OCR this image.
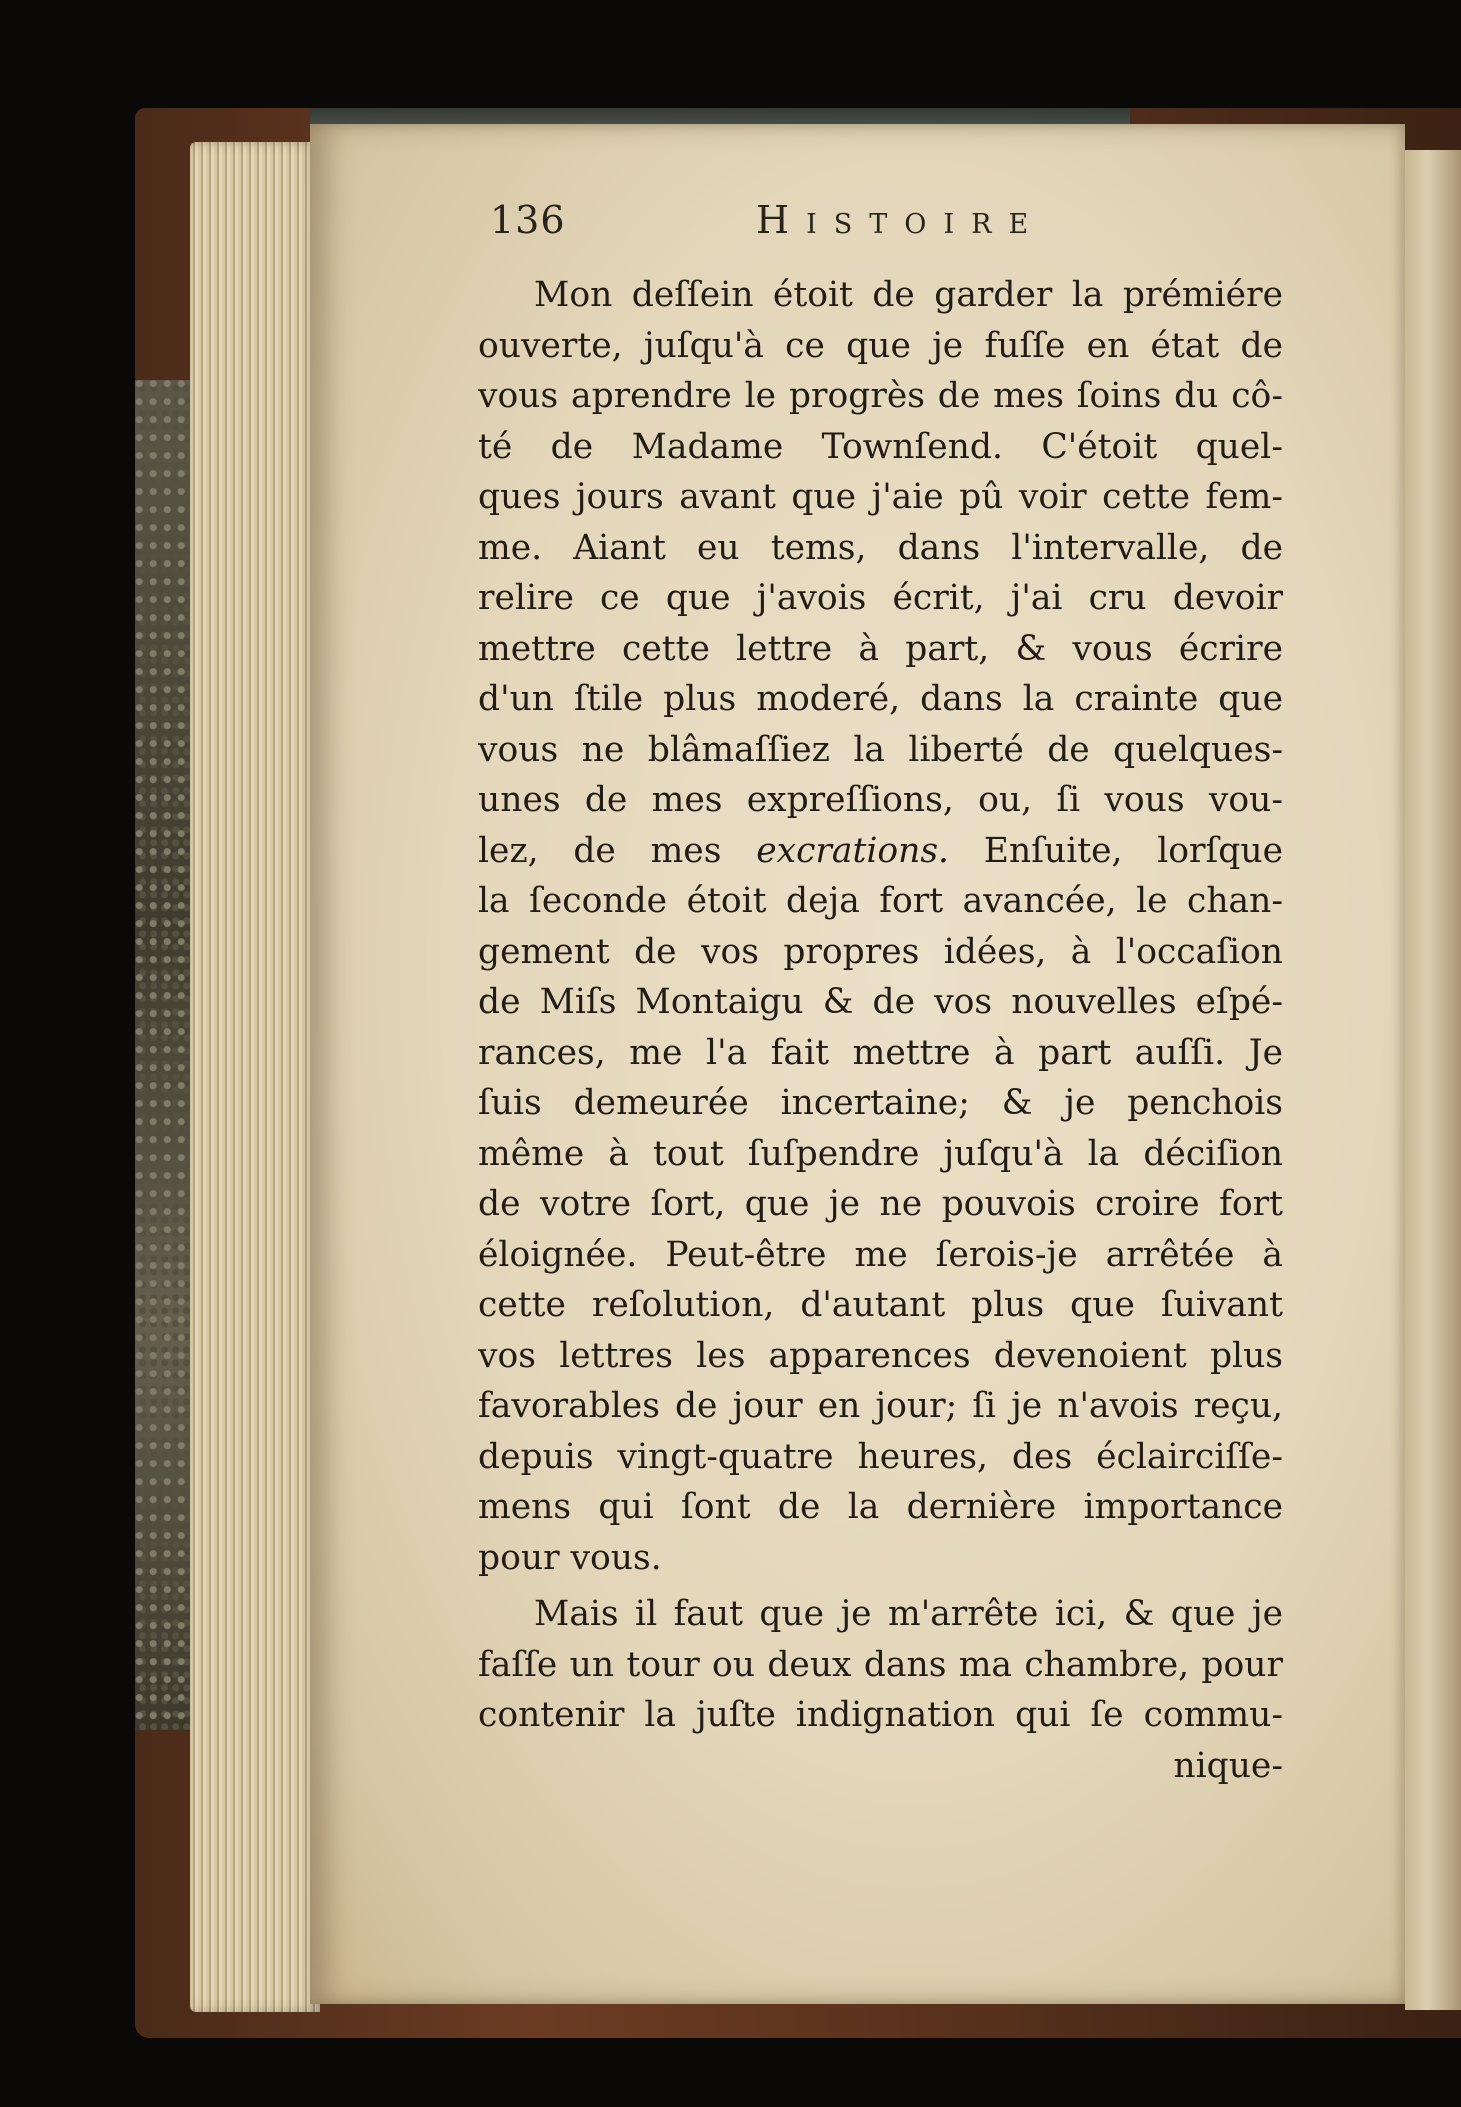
136	Histoire
Mon deſſein étoit de garder la prémiére
ouverte, juſqu'à ce que je fuſſe en état de
vous aprendre le progrès de mes ſoins du cô-
té de Madame Townſend. C'étoit quel-
ques jours avant que j'aie pû voir cette fem-
me. Aiant eu tems, dans l'intervalle, de
relire ce que j'avois écrit, j'ai cru devoir
mettre cette lettre à part, & vous écrire
d'un ſtile plus moderé, dans la crainte que
vous ne blâmaſſiez la liberté de quelques-
unes de mes expreſſions, ou, ſi vous vou-
lez, de mes excrations. Enſuite, lorſque
la ſeconde étoit deja fort avancée, le chan-
gement de vos propres idées, à l'occaſion
de Miſs Montaigu & de vos nouvelles eſpé-
rances, me l'a fait mettre à part auſſi. Je
ſuis demeurée incertaine; & je penchois
même à tout ſuſpendre juſqu'à la déciſion
de votre ſort, que je ne pouvois croire fort
éloignée. Peut-être me ſerois-je arrêtée à
cette reſolution, d'autant plus que ſuivant
vos lettres les apparences devenoient plus
favorables de jour en jour; ſi je n'avois reçu,
depuis vingt-quatre heures, des éclairciſſe-
mens qui ſont de la dernière importance
pour vous.
Mais il faut que je m'arrête ici, & que je
faſſe un tour ou deux dans ma chambre, pour
contenir la juſte indignation qui ſe commu-
nique-
